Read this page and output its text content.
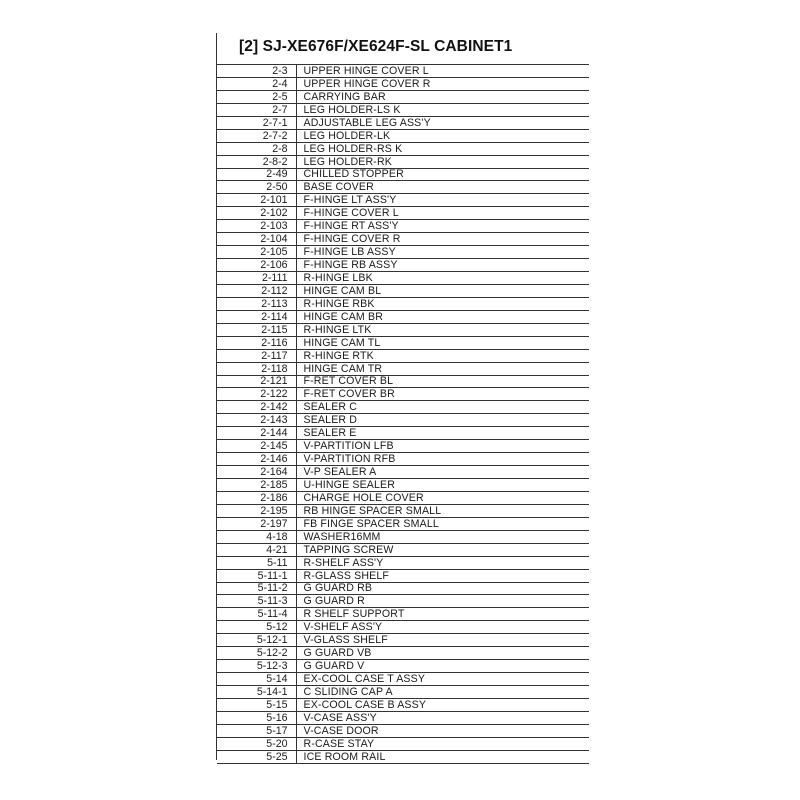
[2] SJ-XE676F/XE624F-SL CABINET1
2-3	UPPER HINGE COVER L
2-4	UPPER HINGE COVER R
2-5	CARRYING BAR
2-7	LEG HOLDER-LS K
2-7-1	ADJUSTABLE LEG ASS'Y
2-7-2	LEG HOLDER-LK
2-8	LEG HOLDER-RS K
2-8-2	LEG HOLDER-RK
2-49	CHILLED STOPPER
2-50	BASE COVER
2-101	F-HINGE LT ASS'Y
2-102	F-HINGE COVER L
2-103	F-HINGE RT ASS'Y
2-104	F-HINGE COVER R
2-105	F-HINGE LB ASSY
2-106	F-HINGE RB ASSY
2-111	R-HINGE LBK
2-112	HINGE CAM BL
2-113	R-HINGE RBK
2-114	HINGE CAM BR
2-115	R-HINGE LTK
2-116	HINGE CAM TL
2-117	R-HINGE RTK
2-118	HINGE CAM TR
2-121	F-RET COVER BL
2-122	F-RET COVER BR
2-142	SEALER C
2-143	SEALER D
2-144	SEALER E
2-145	V-PARTITION LFB
2-146	V-PARTITION RFB
2-164	V-P SEALER A
2-185	U-HINGE SEALER
2-186	CHARGE HOLE COVER
2-195	RB HINGE SPACER SMALL
2-197	FB FINGE SPACER SMALL
4-18	WASHER16MM
4-21	TAPPING SCREW
5-11	R-SHELF ASS'Y
5-11-1	R-GLASS SHELF
5-11-2	G GUARD RB
5-11-3	G GUARD R
5-11-4	R SHELF SUPPORT
5-12	V-SHELF ASS'Y
5-12-1	V-GLASS SHELF
5-12-2	G GUARD VB
5-12-3	G GUARD V
5-14	EX-COOL CASE T ASSY
5-14-1	C SLIDING CAP A
5-15	EX-COOL CASE B ASSY
5-16	V-CASE ASS'Y
5-17	V-CASE DOOR
5-20	R-CASE STAY
5-25	ICE ROOM RAIL
